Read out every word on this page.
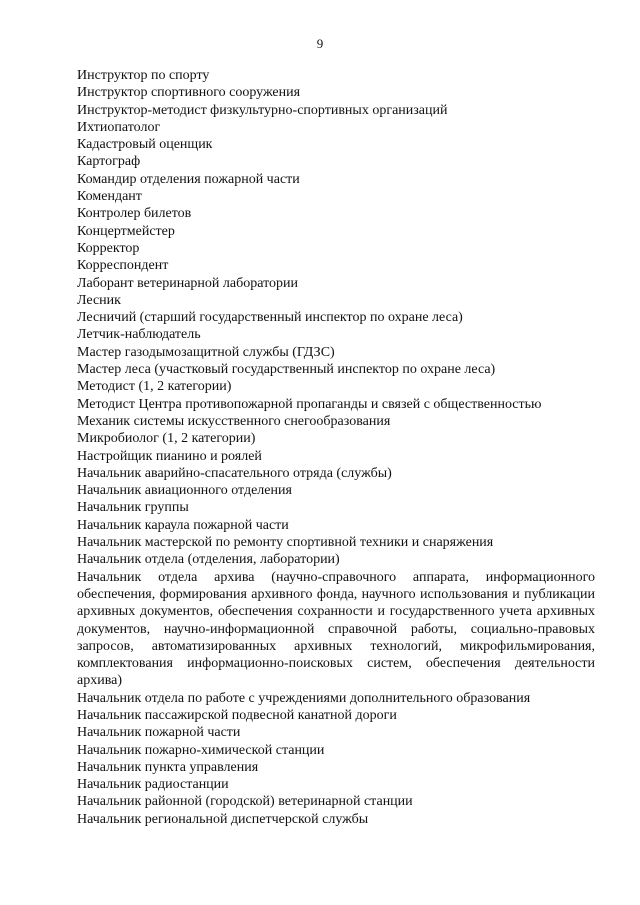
9
Инструктор по спорту
Инструктор спортивного сооружения
Инструктор-методист физкультурно-спортивных организаций
Ихтиопатолог
Кадастровый оценщик
Картограф
Командир отделения пожарной части
Комендант
Контролер билетов
Концертмейстер
Корректор
Корреспондент
Лаборант ветеринарной лаборатории
Лесник
Лесничий (старший государственный инспектор по охране леса)
Летчик-наблюдатель
Мастер газодымозащитной службы (ГДЗС)
Мастер леса (участковый государственный инспектор по охране леса)
Методист (1, 2 категории)
Методист Центра противопожарной пропаганды и связей с общественностью
Механик системы искусственного снегообразования
Микробиолог (1, 2 категории)
Настройщик пианино и роялей
Начальник аварийно-спасательного отряда (службы)
Начальник авиационного отделения
Начальник группы
Начальник караула пожарной части
Начальник мастерской по ремонту спортивной техники и снаряжения
Начальник отдела (отделения, лаборатории)
Начальник отдела архива (научно-справочного аппарата, информационного обеспечения, формирования архивного фонда, научного использования и публикации архивных документов, обеспечения сохранности и государственного учета архивных документов, научно-информационной справочной работы, социально-правовых запросов, автоматизированных архивных технологий, микрофильмирования, комплектования информационно-поисковых систем, обеспечения деятельности архива)
Начальник отдела по работе с учреждениями дополнительного образования
Начальник пассажирской подвесной канатной дороги
Начальник пожарной части
Начальник пожарно-химической станции
Начальник пункта управления
Начальник радиостанции
Начальник районной (городской) ветеринарной станции
Начальник региональной диспетчерской службы
